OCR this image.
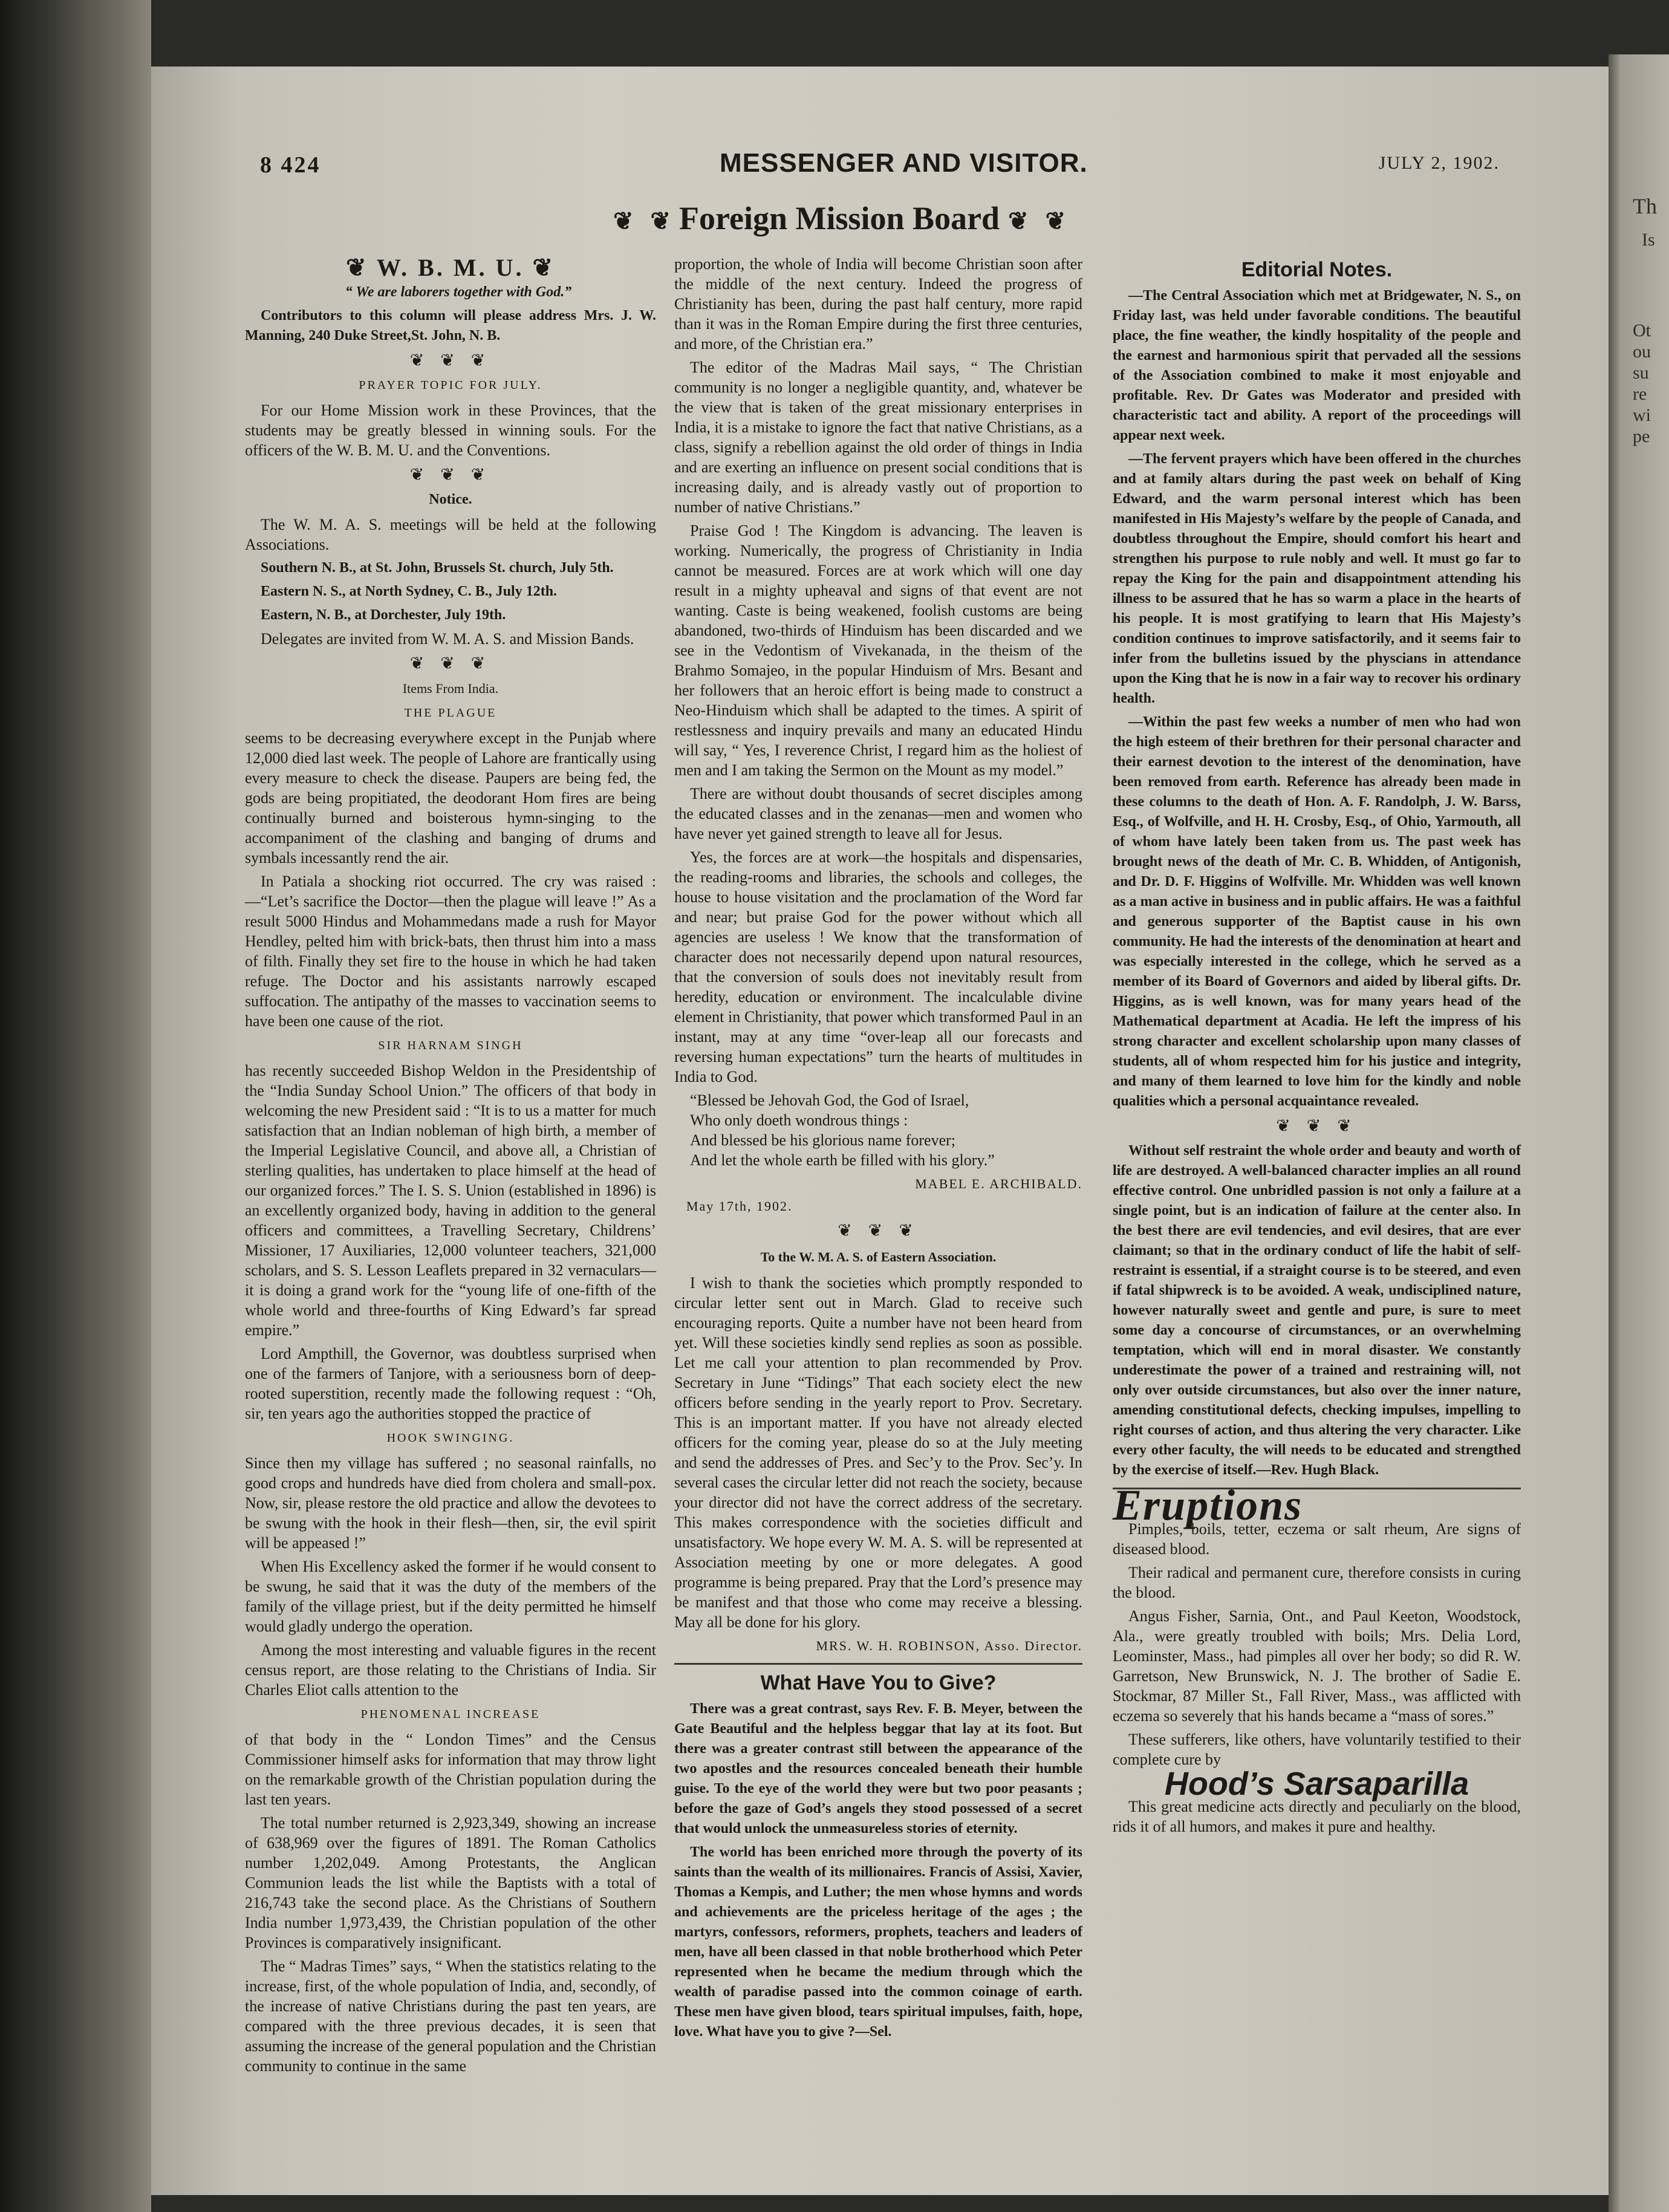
Th
Is
Ot
ou
su
re
wi
pe
8 424	MESSENGER AND VISITOR.	JULY 2, 1902.
❦ ❦ Foreign Mission Board ❦ ❦
❦ W. B. M. U. ❦

“ We are laborers together with God.”

Contributors to this column will please address Mrs. J. W. Manning, 240 Duke Street,St. John, N. B.

❦ ❦ ❦
PRAYER TOPIC FOR JULY.

For our Home Mission work in these Provinces, that the students may be greatly blessed in winning souls. For the officers of the W. B. M. U. and the Conventions.

❦ ❦ ❦
Notice.

The W. M. A. S. meetings will be held at the following Associations.

Southern N. B., at St. John, Brussels St. church, July 5th.

Eastern N. S., at North Sydney, C. B., July 12th.

Eastern, N. B., at Dorchester, July 19th.

Delegates are invited from W. M. A. S. and Mission Bands.

❦ ❦ ❦
Items From India.
THE PLAGUE

seems to be decreasing everywhere except in the Punjab where 12,000 died last week. The people of Lahore are frantically using every measure to check the disease. Paupers are being fed, the gods are being propitiated, the deodorant Hom fires are being continually burned and boisterous hymn-singing to the accompaniment of the clashing and banging of drums and symbals incessantly rend the air.

In Patiala a shocking riot occurred. The cry was raised :—“Let’s sacrifice the Doctor—then the plague will leave !” As a result 5000 Hindus and Mohammedans made a rush for Mayor Hendley, pelted him with brick-bats, then thrust him into a mass of filth. Finally they set fire to the house in which he had taken refuge. The Doctor and his assistants narrowly escaped suffocation. The antipathy of the masses to vaccination seems to have been one cause of the riot.

SIR HARNAM SINGH

has recently succeeded Bishop Weldon in the Presidentship of the “India Sunday School Union.” The officers of that body in welcoming the new President said : “It is to us a matter for much satisfaction that an Indian nobleman of high birth, a member of the Imperial Legislative Council, and above all, a Christian of sterling qualities, has undertaken to place himself at the head of our organized forces.” The I. S. S. Union (established in 1896) is an excellently organized body, having in addition to the general officers and committees, a Travelling Secretary, Childrens’ Missioner, 17 Auxiliaries, 12,000 volunteer teachers, 321,000 scholars, and S. S. Lesson Leaflets prepared in 32 vernaculars—it is doing a grand work for the “young life of one-fifth of the whole world and three-fourths of King Edward’s far spread empire.”

Lord Ampthill, the Governor, was doubtless surprised when one of the farmers of Tanjore, with a seriousness born of deep-rooted superstition, recently made the following request : “Oh, sir, ten years ago the authorities stopped the practice of

HOOK SWINGING.

Since then my village has suffered ; no seasonal rainfalls, no good crops and hundreds have died from cholera and small-pox. Now, sir, please restore the old practice and allow the devotees to be swung with the hook in their flesh—then, sir, the evil spirit will be appeased !”

When His Excellency asked the former if he would consent to be swung, he said that it was the duty of the members of the family of the village priest, but if the deity permitted he himself would gladly undergo the operation.

Among the most interesting and valuable figures in the recent census report, are those relating to the Christians of India. Sir Charles Eliot calls attention to the

PHENOMENAL INCREASE

of that body in the “ London Times” and the Census Commissioner himself asks for information that may throw light on the remarkable growth of the Christian population during the last ten years.

The total number returned is 2,923,349, showing an increase of 638,969 over the figures of 1891. The Roman Catholics number 1,202,049. Among Protestants, the Anglican Communion leads the list while the Baptists with a total of 216,743 take the second place. As the Christians of Southern India number 1,973,439, the Christian population of the other Provinces is comparatively insignificant.

The “ Madras Times” says, “ When the statistics relating to the increase, first, of the whole population of India, and, secondly, of the increase of native Christians during the past ten years, are compared with the three previous decades, it is seen that assuming the increase of the general population and the Christian community to continue in the same

proportion, the whole of India will become Christian soon after the middle of the next century. Indeed the progress of Christianity has been, during the past half century, more rapid than it was in the Roman Empire during the first three centuries, and more, of the Christian era.”

The editor of the Madras Mail says, “ The Christian community is no longer a negligible quantity, and, whatever be the view that is taken of the great missionary enterprises in India, it is a mistake to ignore the fact that native Christians, as a class, signify a rebellion against the old order of things in India and are exerting an influence on present social conditions that is increasing daily, and is already vastly out of proportion to number of native Christians.”

Praise God ! The Kingdom is advancing. The leaven is working. Numerically, the progress of Christianity in India cannot be measured. Forces are at work which will one day result in a mighty upheaval and signs of that event are not wanting. Caste is being weakened, foolish customs are being abandoned, two-thirds of Hinduism has been discarded and we see in the Vedontism of Vivekanada, in the theism of the Brahmo Somajeo, in the popular Hinduism of Mrs. Besant and her followers that an heroic effort is being made to construct a Neo-Hinduism which shall be adapted to the times. A spirit of restlessness and inquiry prevails and many an educated Hindu will say, “ Yes, I reverence Christ, I regard him as the holiest of men and I am taking the Sermon on the Mount as my model.”

There are without doubt thousands of secret disciples among the educated classes and in the zenanas—men and women who have never yet gained strength to leave all for Jesus.

Yes, the forces are at work—the hospitals and dispensaries, the reading-rooms and libraries, the schools and colleges, the house to house visitation and the proclamation of the Word far and near; but praise God for the power without which all agencies are useless ! We know that the transformation of character does not necessarily depend upon natural resources, that the conversion of souls does not inevitably result from heredity, education or environment. The incalculable divine element in Christianity, that power which transformed Paul in an instant, may at any time “over-leap all our forecasts and reversing human expectations” turn the hearts of multitudes in India to God.

“Blessed be Jehovah God, the God of Israel,
Who only doeth wondrous things :
And blessed be his glorious name forever;
And let the whole earth be filled with his glory.”
MABEL E. ARCHIBALD.
May 17th, 1902.
❦ ❦ ❦
To the W. M. A. S. of Eastern Association.

I wish to thank the societies which promptly responded to circular letter sent out in March. Glad to receive such encouraging reports. Quite a number have not been heard from yet. Will these societies kindly send replies as soon as possible. Let me call your attention to plan recommended by Prov. Secretary in June “Tidings” That each society elect the new officers before sending in the yearly report to Prov. Secretary. This is an important matter. If you have not already elected officers for the coming year, please do so at the July meeting and send the addresses of Pres. and Sec’y to the Prov. Sec’y. In several cases the circular letter did not reach the society, because your director did not have the correct address of the secretary. This makes correspondence with the societies difficult and unsatisfactory. We hope every W. M. A. S. will be represented at Association meeting by one or more delegates. A good programme is being prepared. Pray that the Lord’s presence may be manifest and that those who come may receive a blessing. May all be done for his glory.

MRS. W. H. ROBINSON, Asso. Director.
What Have You to Give?

There was a great contrast, says Rev. F. B. Meyer, between the Gate Beautiful and the helpless beggar that lay at its foot. But there was a greater contrast still between the appearance of the two apostles and the resources concealed beneath their humble guise. To the eye of the world they were but two poor peasants ; before the gaze of God’s angels they stood possessed of a secret that would unlock the unmeasureless stories of eternity.

The world has been enriched more through the poverty of its saints than the wealth of its millionaires. Francis of Assisi, Xavier, Thomas a Kempis, and Luther; the men whose hymns and words and achievements are the priceless heritage of the ages ; the martyrs, confessors, reformers, prophets, teachers and leaders of men, have all been classed in that noble brotherhood which Peter represented when he became the medium through which the wealth of paradise passed into the common coinage of earth. These men have given blood, tears spiritual impulses, faith, hope, love. What have you to give ?—Sel.

Editorial Notes.

—The Central Association which met at Bridgewater, N. S., on Friday last, was held under favorable conditions. The beautiful place, the fine weather, the kindly hospitality of the people and the earnest and harmonious spirit that pervaded all the sessions of the Association combined to make it most enjoyable and profitable. Rev. Dr Gates was Moderator and presided with characteristic tact and ability. A report of the proceedings will appear next week.

—The fervent prayers which have been offered in the churches and at family altars during the past week on behalf of King Edward, and the warm personal interest which has been manifested in His Majesty’s welfare by the people of Canada, and doubtless throughout the Empire, should comfort his heart and strengthen his purpose to rule nobly and well. It must go far to repay the King for the pain and disappointment attending his illness to be assured that he has so warm a place in the hearts of his people. It is most gratifying to learn that His Majesty’s condition continues to improve satisfactorily, and it seems fair to infer from the bulletins issued by the physcians in attendance upon the King that he is now in a fair way to recover his ordinary health.

—Within the past few weeks a number of men who had won the high esteem of their brethren for their personal character and their earnest devotion to the interest of the denomination, have been removed from earth. Reference has already been made in these columns to the death of Hon. A. F. Randolph, J. W. Barss, Esq., of Wolfville, and H. H. Crosby, Esq., of Ohio, Yarmouth, all of whom have lately been taken from us. The past week has brought news of the death of Mr. C. B. Whidden, of Antigonish, and Dr. D. F. Higgins of Wolfville. Mr. Whidden was well known as a man active in business and in public affairs. He was a faithful and generous supporter of the Baptist cause in his own community. He had the interests of the denomination at heart and was especially interested in the college, which he served as a member of its Board of Governors and aided by liberal gifts. Dr. Higgins, as is well known, was for many years head of the Mathematical department at Acadia. He left the impress of his strong character and excellent scholarship upon many classes of students, all of whom respected him for his justice and integrity, and many of them learned to love him for the kindly and noble qualities which a personal acquaintance revealed.

❦ ❦ ❦

Without self restraint the whole order and beauty and worth of life are destroyed. A well-balanced character implies an all round effective control. One unbridled passion is not only a failure at a single point, but is an indication of failure at the center also. In the best there are evil tendencies, and evil desires, that are ever claimant; so that in the ordinary conduct of life the habit of self-restraint is essential, if a straight course is to be steered, and even if fatal shipwreck is to be avoided. A weak, undisciplined nature, however naturally sweet and gentle and pure, is sure to meet some day a concourse of circumstances, or an overwhelming temptation, which will end in moral disaster. We constantly underestimate the power of a trained and restraining will, not only over outside circumstances, but also over the inner nature, amending constitutional defects, checking impulses, impelling to right courses of action, and thus altering the very character. Like every other faculty, the will needs to be educated and strengthed by the exercise of itself.—Rev. Hugh Black.

Eruptions

Pimples, boils, tetter, eczema or salt rheum, Are signs of diseased blood.

Their radical and permanent cure, therefore consists in curing the blood.

Angus Fisher, Sarnia, Ont., and Paul Keeton, Woodstock, Ala., were greatly troubled with boils; Mrs. Delia Lord, Leominster, Mass., had pimples all over her body; so did R. W. Garretson, New Brunswick, N. J. The brother of Sadie E. Stockmar, 87 Miller St., Fall River, Mass., was afflicted with eczema so severely that his hands became a “mass of sores.”

These sufferers, like others, have voluntarily testified to their complete cure by

Hood’s Sarsaparilla

This great medicine acts directly and peculiarly on the blood, rids it of all humors, and makes it pure and healthy.
